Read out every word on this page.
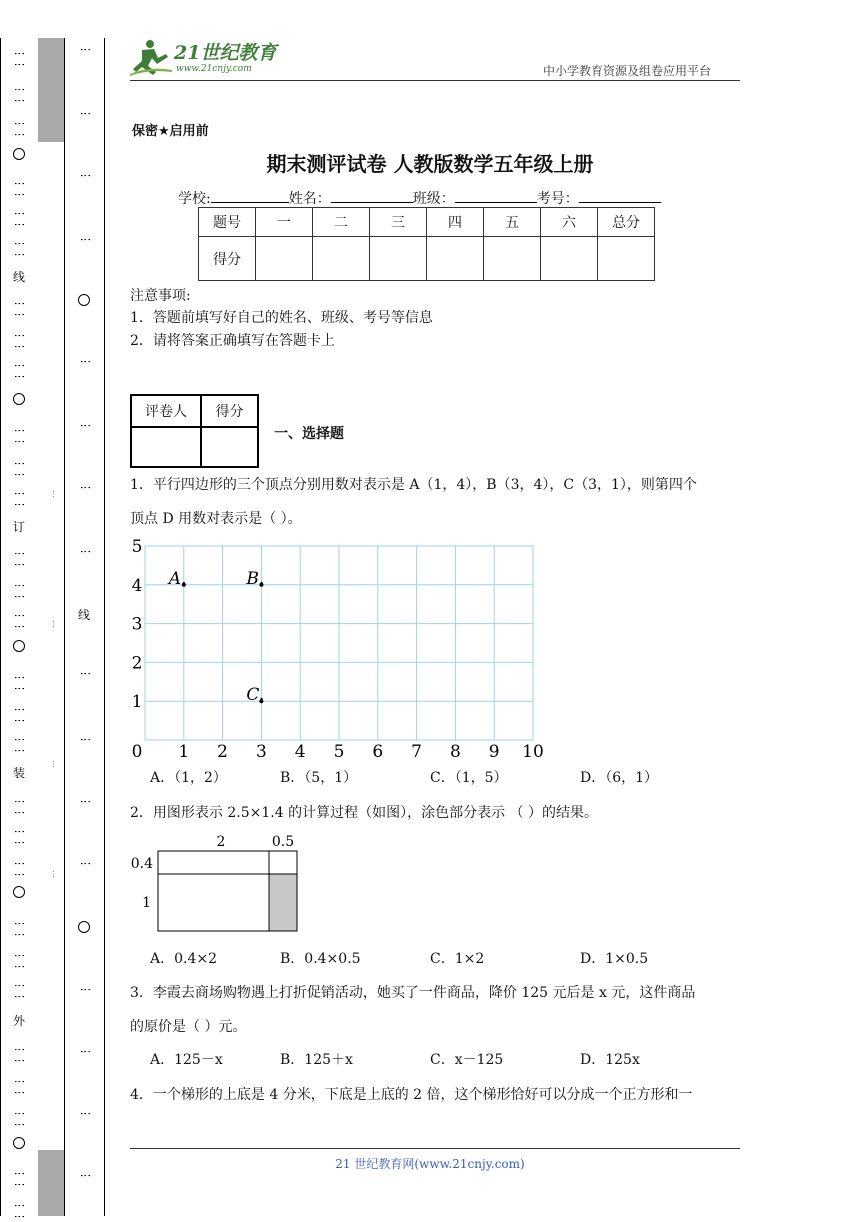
⋮⋮
⋮⋮
⋮⋮
⋮⋮
⋮⋮
⋮⋮
线
⋮⋮
⋮⋮
⋮⋮
⋮⋮
⋮⋮
⋮⋮
订
⋮⋮
⋮⋮
⋮⋮
⋮⋮
⋮⋮
⋮⋮
装
⋮⋮
⋮⋮
⋮⋮
⋮⋮
⋮⋮
⋮⋮
外
⋮⋮
⋮⋮
⋮⋮
⋮⋮
⋮⋮
⋮
⋮
⋮
⋮
⋮
⋮
⋮
⋮
线
⋮
⋮
⋮
⋮
⋮
⋮
⋮
⋮
⋯
⋯
⋯
⋯
21世纪教育
www.21cnjy.com	中小学教育资源及组卷应用平台
保密★启用前
期末测评试卷 人教版数学五年级上册
学校:	姓名：	班级：	考号：
题号	一	二	三	四	五	六	总分
得分							
注意事项:
1．答题前填写好自己的姓名、班级、考号等信息
2．请将答案正确填写在答题卡上
评卷人	得分

一、选择题
1．平行四边形的三个顶点分别用数对表示是 A（1，4），B（3，4），C（3，1），则第四个
顶点 D 用数对表示是（ ）。
1 2 3 4 5 6 7 8 9 10
0
1
2
3
4
5
A.	B.
C.
A．（1，2）	B．（5，1）	C．（1，5）	D．（6，1）
2．用图形表示 2.5×1.4 的计算过程（如图），涂色部分表示 （ ）的结果。
2	0.5
0.4
1
A．0.4×2	B．0.4×0.5	C．1×2	D．1×0.5
3．李霞去商场购物遇上打折促销活动，她买了一件商品，降价 125 元后是 x 元，这件商品
的原价是（ ）元。
A．125－x	B．125＋x	C．x－125	D．125x
4．一个梯形的上底是 4 分米，下底是上底的 2 倍，这个梯形恰好可以分成一个正方形和一
21 世纪教育网(www.21cnjy.com)
